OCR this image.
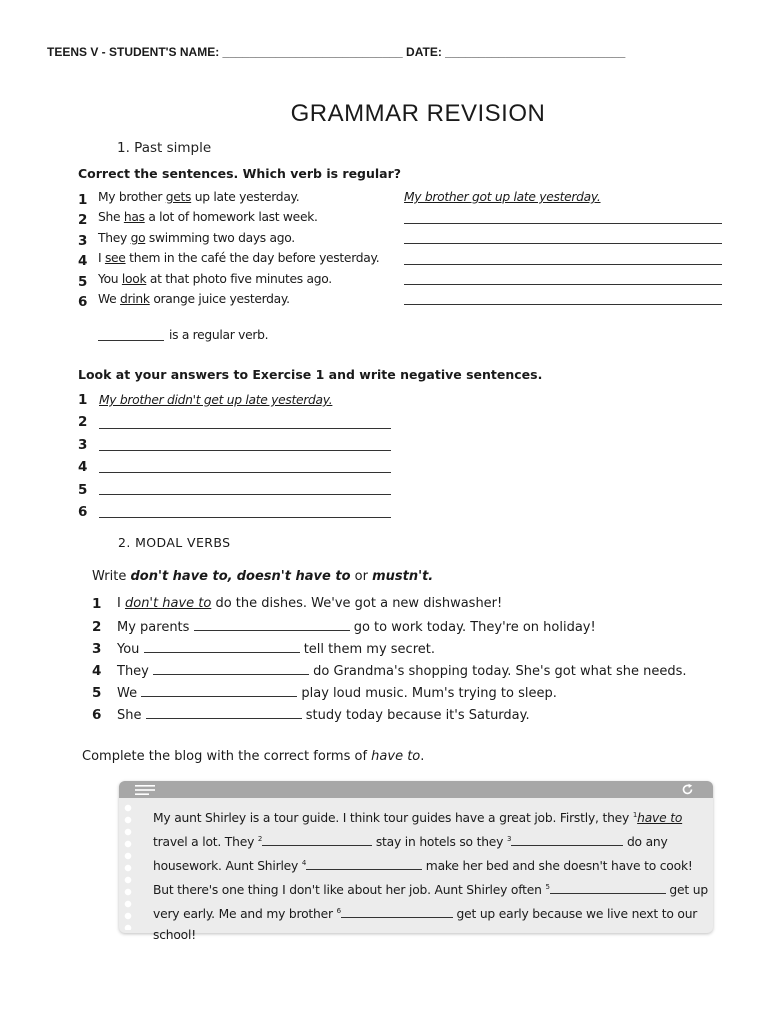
TEENS V - STUDENT'S NAME: ___________________________ DATE: ___________________________
GRAMMAR REVISION
1. Past simple
Correct the sentences. Which verb is regular?
1 My brother gets up late yesterday.
2 She has a lot of homework last week.
3 They go swimming two days ago.
4 I see them in the café the day before yesterday.
5 You look at that photo five minutes ago.
6 We drink orange juice yesterday.
My brother got up late yesterday.
is a regular verb.
Look at your answers to Exercise 1 and write negative sentences.
1 My brother didn't get up late yesterday.
2
3
4
5
6
2. MODAL VERBS
Write don't have to, doesn't have to or mustn't.
1 I don't have to do the dishes. We've got a new dishwasher!
2 My parents	go to work today. They're on holiday!
3 You	tell them my secret.
4 They	do Grandma's shopping today. She's got what she needs.
5 We	play loud music. Mum's trying to sleep.
6 She	study today because it's Saturday.
Complete the blog with the correct forms of have to.
My aunt Shirley is a tour guide. I think tour guides have a great job. Firstly, they $^1$have to travel a lot. They $^2$	stay in hotels so they $^3$	do any housework. Aunt Shirley $^4$	make her bed and she doesn't have to cook! But there's one thing I don't like about her job. Aunt Shirley often $^5$	get up very early. Me and my brother $^6$	get up early because we live next to our school!
